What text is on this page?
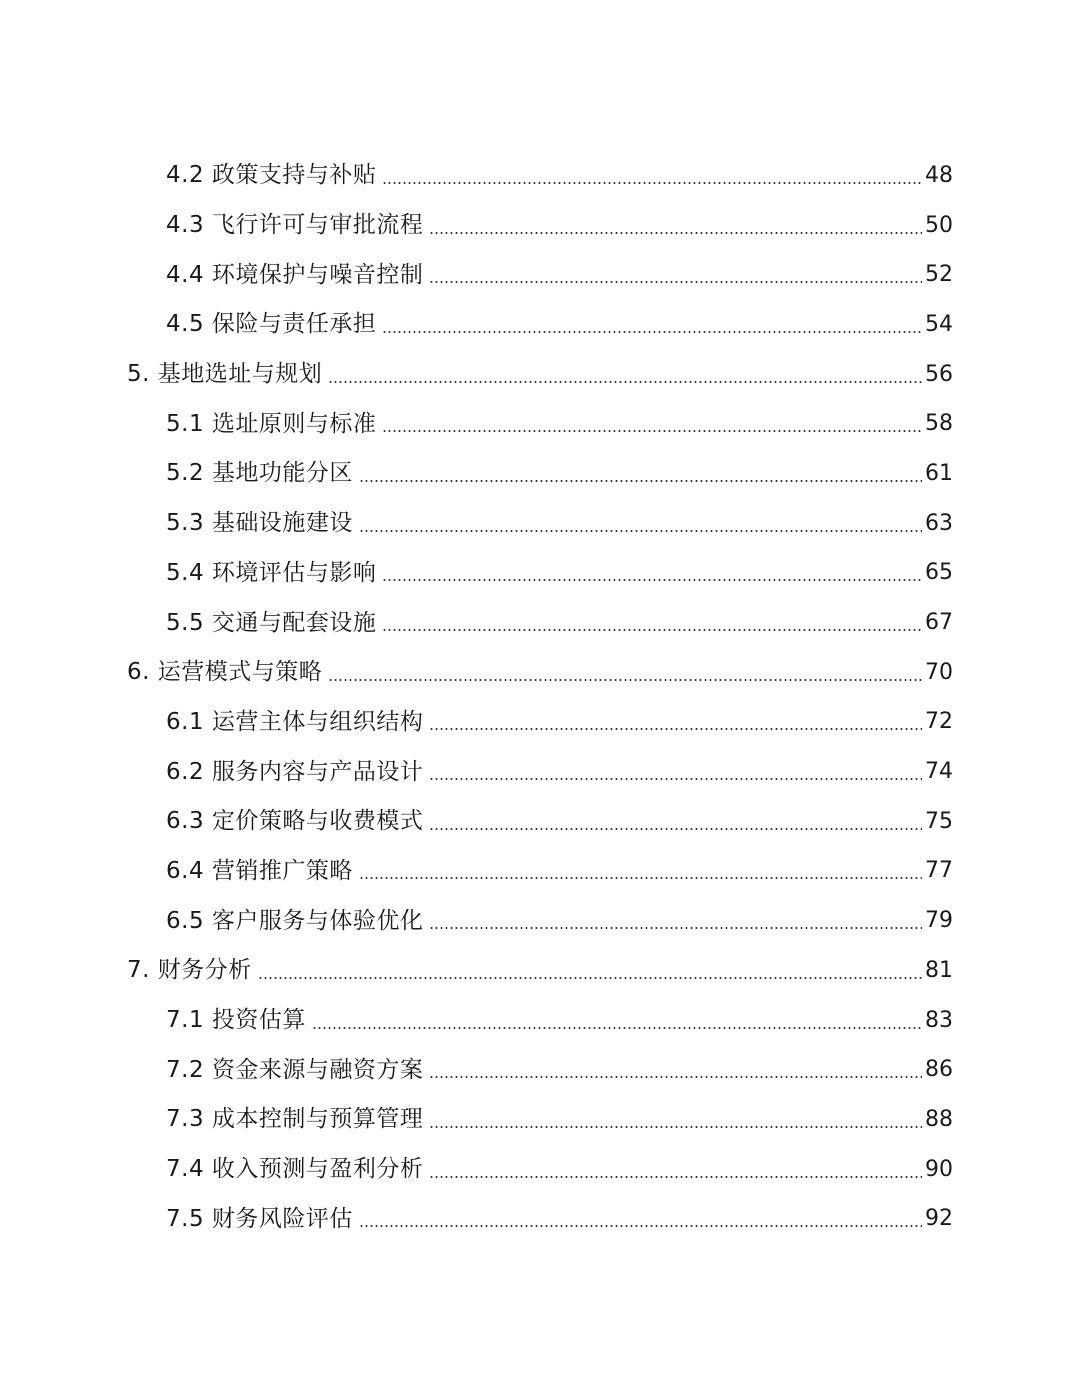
4.2 政策支持与补贴	48
4.3 飞行许可与审批流程	50
4.4 环境保护与噪音控制	52
4.5 保险与责任承担	54
5. 基地选址与规划	56
5.1 选址原则与标准	58
5.2 基地功能分区	61
5.3 基础设施建设	63
5.4 环境评估与影响	65
5.5 交通与配套设施	67
6. 运营模式与策略	70
6.1 运营主体与组织结构	72
6.2 服务内容与产品设计	74
6.3 定价策略与收费模式	75
6.4 营销推广策略	77
6.5 客户服务与体验优化	79
7. 财务分析	81
7.1 投资估算	83
7.2 资金来源与融资方案	86
7.3 成本控制与预算管理	88
7.4 收入预测与盈利分析	90
7.5 财务风险评估	92
